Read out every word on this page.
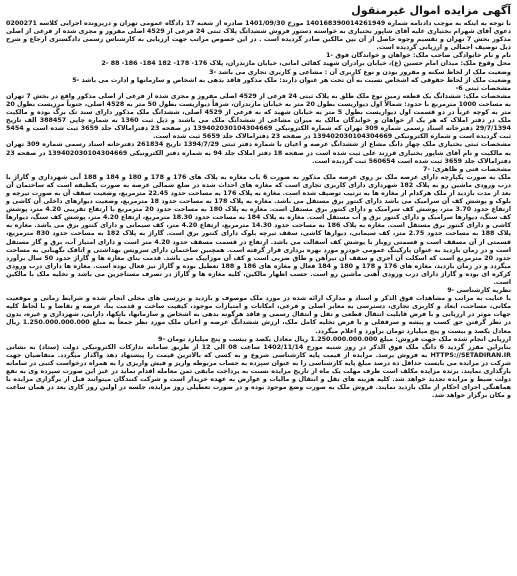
آگهی مزایده اموال غیرمنقول

با توجه به اینکه به موجب دادنامه شماره 140168390014261949 مورخ 1401/09/30 صادره از شعبه 17 دادگاه عمومی تهران و درپرونده اجرایی کلاسه 0200271 دعوی آقای شهرام بختیاری علیه آقای شاپور بختیاری به خواسته دستور فروش ششدانگ پلاک ثبتی 24 فرعی از 4529 اصلی مفروز و مجزی شده از فرعی از اصلی مذکور بخش 7 تهران و تقسیم وجوه حاصل از آن بین مالکین صادر گردیده است . در این خصوص مراتب جهت ارزیابی به کارشناس رسمی دادگستری ارجاع و شرح ذیل توصیف اجمالی و ارزیابی گردیده است.

نام و نام خانوادگی صاحب ملک: خواهان و خواندگان فوق -1

محل وقوع ملک: میدان امام حسین (ع)، خیابان برادران شهید کفائی امانی، خیابان مازندران، پلاک 176- 178- 182 184- 186- 88 -2

وضعیت ملک از لحاظ سکنه و مفروز بودن و نوع کاربری آن : مشاعی و کاربری تجاری می باشد -3

وضعیت ملک از لحاظ حقوقی که اشخاص نسبت به آن تحت هر عنوان دارند: ملک مذکور فاقد بدهی به اشخاص و سازمانها و ادارت می باشد -5

مشخصات ثبتی 6-

مشخصات ملک: ششدانگ یک قطعه زمین نوع ملک طلق به پلاک ثبتی 24 فرعی از 4529 اصلی مفروز و مجزی شده از فرعی از اصلی مذکور واقع در بخش 7 تهران به مساحت 1000 مترمربع با حدود: شمالاً اول دیواریست بطول 20 متر به خیابان مازندران، شرقاً دیواریست بطول 50 متر به 4528 اصلی، جنوباً مرزیست بطول 20 متر به کوچه غرباً در دو قسمت اول دیواریست بطول 5 متر به خیابان شهید که به فرعی از 4529 اصلی، ششدانگ ملک مذکور دارای سند تک برگ بوده و مالکیت ملک در دفتر املاک که هر یک از خواهان و خواندگان مالک به میزان مشاعی از ششدانگ ملک می باشند و ذیل ثبت 1360 به شماره چاپی 388457 الف تاریخ 29/7/1394 دفترخانه اسناد رسمی شماره 309 تهران که شماره الکترونیکی 139402030104304669 در صفحه 23 دفترامالاک جلد 3659 ثبت شده است و 5454 ثبت گردیده است و شماره الکترونیکی 139402030104304669 در صفحه 23 دفترامالاک جلد 5659 ثبت شده است.

مشخصات ثبتی بختیاری ملک چهار دانگ مشاع از ششدانگ عرصه و اعیان با شماره دفتر ثبتی 1394/7/29 تاریخ 261834 دفترخانه اسناد رسمی شماره 309 تهران به مالکیت و نام آقای شاپور بختیاری فرزند علی ثبت شده است در صفحه 18 دفتر املاک جلد 94 به شماره دفتر الکترونیکی 139402030104304669 در صفحه 23 دفترامالاک جلد 3659 ثبت شده است 560654 ثبت گردیده است.

مشخصات فنی و ظاهری: -7

ملک به صورت یکپارچه دارای عرصه ملک بر روی عرصه ملک مذکور به صورت 6 باب مغازه به پلاک های 176 و 178 و 180 و 184 و 188 آبی شهرداری و گاراژ با درب ورودی ماشین رو به پلاک 182 شهرداری دارای کاربری تجاری است که مغازه های احداث شده در ضلع شمالی عرصه به صورت یکطبقه است که ساختمان آن بعد از مدت بازدید از ملک هرکدام از مغازه ها به ترتیب توصیف شده است. مغازه به پلاک 176 به مساحت حدود 22.45 مترمربع، وضعیت سقف آن به صورت تیرچه و بلوک و پوشش کف آن سرامیک می باشد دارای کنتور برق مستقل می باشد. مغازه به پلاک 178 به مساحت حدود 18 مترمربع، وضعیت دیوارهای داخلی آن کاشی و ارتفاع حدود 3.70 متر، پوشش کف سرامیک و دارای کنتور برق مستقل است. مغازه به پلاک 180 به مساحت حدود 20 مترمربع با ارتفاع تقریبی 4.20 متر، پوشش کف سنگ، دیوارها سرامیک و دارای کنتور برق و آب مستقل است. مغازه به پلاک 184 به مساحت حدود 18.30 مترمربع، ارتفاع 4.20 متر، پوشش کف سنگ، دیوارها کاشی و دارای کنتور برق مستقل است. مغازه به پلاک 186 به مساحت حدود 14.30 مترمربع، ارتفاع 4.20 متر، کف سیمانی و دارای کنتور برق می باشد. مغازه به پلاک 188 به مساحت حدود 2.75 متر، کف سیمانی، دیوارها کاشی، سقف تیرچه بلوک دارای کنتور برق است. گاراژ به پلاک 182 به مساحت حدود 830 مترمربع، قسمتی از آن مسقف است و قسمتی روباز با پوشش کف آسفالت می باشد. ارتفاع در قسمت مسقف حدود 4.20 متر است و دارای امتیاز آب، برق و گاز مستقل است و در زمان بازدید به عنوان پارکینگ عمومی خودرو مورد بهره برداری قرار گرفته است. همچنین ساختمان دارای سرویس بهداشتی و اتاقک نگهبانی به مساحت حدود 20 مترمربع است که اسکلت آن آجری و سقف آن تیرآهن و طاق ضربی است و کف آن موزاییک می باشد. قدمت بنای مغازه ها و گاراژ حدود 50 سال برآورد میگردد و در زمان بازدید، مغازه های 176 و 178 و 180 و 184 فعال و مغازه های 186 و 188 تعطیل بوده و گاراژ نیز فعال بوده است. مغازه ها دارای درب ورودی کرکره ای بوده و گاراژ دارای درب ورودی آهنی ماشین رو است. حسب اظهار مالکین، کلیه مغازه ها و گاراژ در تصرف مستاجرین می باشد و تخلیه ملک با مالکین است.

نظریه کارشناسی -9

با عنایت به مراتب و مشاهدات فوق الذکر و اسناد و مدارک ارائه شده در مورد ملک موصوف و بازدید و بررسی های محلی انجام شده و شرایط زمانی و موقعیت مکانی، مساحت، ابعاد و کاربری تجاری، دسترسی به معابر اصلی و فرعی، امکانات و امتیازات موجود، کیفیت ساخت و قدمت بنا، عرضه و تقاضا و با لحاظ کلیه جهات موثر در ارزیابی و با فرض قابلیت انتقال قطعی و نقل و انتقال رسمی و فاقد هرگونه بدهی به اشخاص و سازمانها، بانکها، دارایی، شهرداری و غیره، بدون در نظر گرفتن حق کسب و پیشه و سرقفلی و با فرض تخلیه کامل ملک، ارزش ششدانگ عرصه و اعیان ملک مورد نظر جمعاً به مبلغ 1.250.000.000.000 ریال معادل یکصد و بیست و پنج میلیارد تومان برآورد و اعلام میگردد.

ارزیابی انجام شده ملک جهت فروش: مبلغ 1.250.000.000.000 ریال معادل یکصد و بیست و پنج میلیارد تومان -9

بنابراین مقرر گردید 6 دانگ ملک فوق الذکر در روز شنبه مورخ 1402/11/14 ساعت 08 الی 12 از طریق سامانه تدارکات الکترونیکی دولت (ستاد) به نشانی HTTPS://SETADIRAN.IR به فروش برسد. مزایده از قیمت پایه کارشناسی شروع و به کسی که بالاترین قیمت را پیشنهاد دهد واگذار میگردد. متقاضیان جهت شرکت در مزایده می بایست حداقل ده درصد مبلغ پایه کارشناسی را به عنوان سپرده به حساب مربوطه واریز و فیش واریزی را به همراه درخواست کتبی در سامانه بارگذاری نمایند. برنده مزایده مکلف است ظرف مهلت یک ماه از تاریخ مزایده نسبت به پرداخت مابقی ثمن معامله اقدام نماید در غیر این صورت سپرده وی به نفع دولت ضبط و مزایده تجدید خواهد شد. کلیه هزینه های نقل و انتقال و مالیات و عوارض به عهده خریدار است و شرکت کنندگان میتوانند قبل از برگزاری مزایده با هماهنگی اجرای احکام از ملک بازدید نمایند. فروش ملک به صورت وضع موجود بوده و در صورت تعطیلی روز مزایده، جلسه در اولین روز کاری بعد در همان ساعت و مکان برگزار خواهد شد.
